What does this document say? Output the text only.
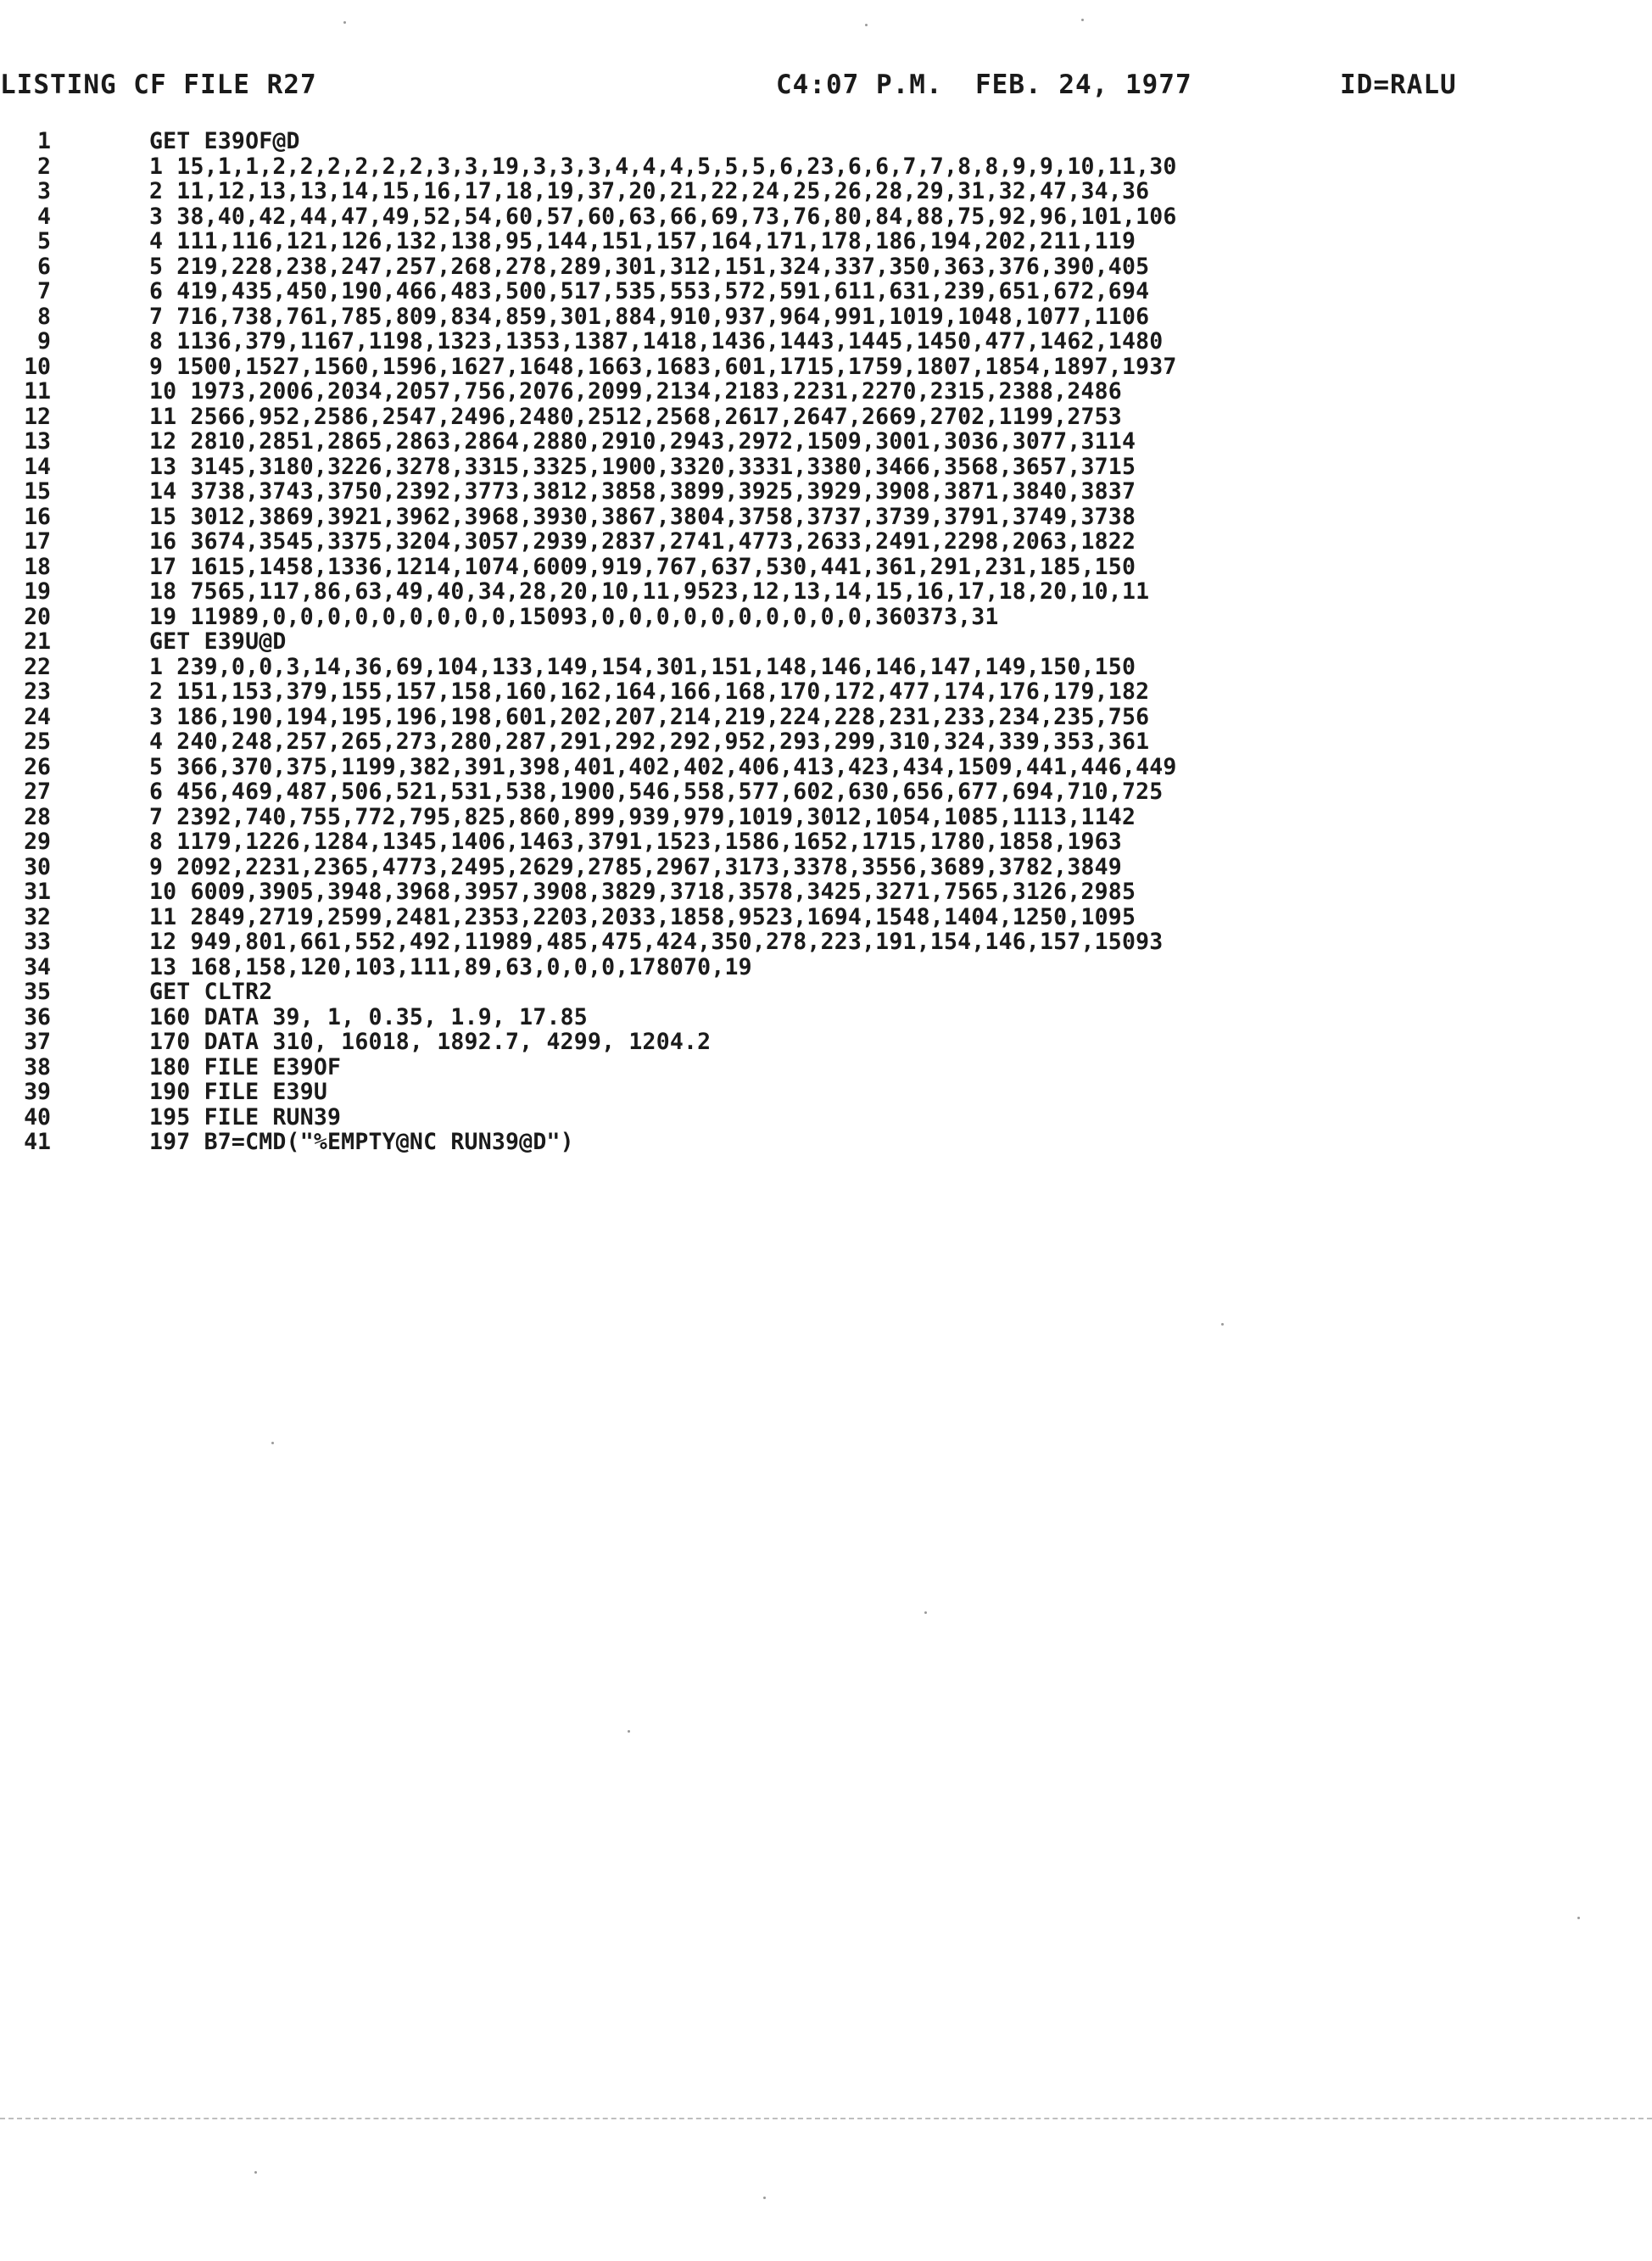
LISTING CF FILE R27	C4:07 P.M. FEB. 24, 1977	ID=RALU
1	GET E39OF@D
2	1 15,1,1,2,2,2,2,2,2,3,3,19,3,3,3,4,4,4,5,5,5,6,23,6,6,7,7,8,8,9,9,10,11,30
3	2 11,12,13,13,14,15,16,17,18,19,37,20,21,22,24,25,26,28,29,31,32,47,34,36
4	3 38,40,42,44,47,49,52,54,60,57,60,63,66,69,73,76,80,84,88,75,92,96,101,106
5	4 111,116,121,126,132,138,95,144,151,157,164,171,178,186,194,202,211,119
6	5 219,228,238,247,257,268,278,289,301,312,151,324,337,350,363,376,390,405
7	6 419,435,450,190,466,483,500,517,535,553,572,591,611,631,239,651,672,694
8	7 716,738,761,785,809,834,859,301,884,910,937,964,991,1019,1048,1077,1106
9	8 1136,379,1167,1198,1323,1353,1387,1418,1436,1443,1445,1450,477,1462,1480
10	9 1500,1527,1560,1596,1627,1648,1663,1683,601,1715,1759,1807,1854,1897,1937
11	10 1973,2006,2034,2057,756,2076,2099,2134,2183,2231,2270,2315,2388,2486
12	11 2566,952,2586,2547,2496,2480,2512,2568,2617,2647,2669,2702,1199,2753
13	12 2810,2851,2865,2863,2864,2880,2910,2943,2972,1509,3001,3036,3077,3114
14	13 3145,3180,3226,3278,3315,3325,1900,3320,3331,3380,3466,3568,3657,3715
15	14 3738,3743,3750,2392,3773,3812,3858,3899,3925,3929,3908,3871,3840,3837
16	15 3012,3869,3921,3962,3968,3930,3867,3804,3758,3737,3739,3791,3749,3738
17	16 3674,3545,3375,3204,3057,2939,2837,2741,4773,2633,2491,2298,2063,1822
18	17 1615,1458,1336,1214,1074,6009,919,767,637,530,441,361,291,231,185,150
19	18 7565,117,86,63,49,40,34,28,20,10,11,9523,12,13,14,15,16,17,18,20,10,11
20	19 11989,0,0,0,0,0,0,0,0,0,15093,0,0,0,0,0,0,0,0,0,0,360373,31
21	GET E39U@D
22	1 239,0,0,3,14,36,69,104,133,149,154,301,151,148,146,146,147,149,150,150
23	2 151,153,379,155,157,158,160,162,164,166,168,170,172,477,174,176,179,182
24	3 186,190,194,195,196,198,601,202,207,214,219,224,228,231,233,234,235,756
25	4 240,248,257,265,273,280,287,291,292,292,952,293,299,310,324,339,353,361
26	5 366,370,375,1199,382,391,398,401,402,402,406,413,423,434,1509,441,446,449
27	6 456,469,487,506,521,531,538,1900,546,558,577,602,630,656,677,694,710,725
28	7 2392,740,755,772,795,825,860,899,939,979,1019,3012,1054,1085,1113,1142
29	8 1179,1226,1284,1345,1406,1463,3791,1523,1586,1652,1715,1780,1858,1963
30	9 2092,2231,2365,4773,2495,2629,2785,2967,3173,3378,3556,3689,3782,3849
31	10 6009,3905,3948,3968,3957,3908,3829,3718,3578,3425,3271,7565,3126,2985
32	11 2849,2719,2599,2481,2353,2203,2033,1858,9523,1694,1548,1404,1250,1095
33	12 949,801,661,552,492,11989,485,475,424,350,278,223,191,154,146,157,15093
34	13 168,158,120,103,111,89,63,0,0,0,178070,19
35	GET CLTR2
36	160 DATA 39, 1, 0.35, 1.9, 17.85
37	170 DATA 310, 16018, 1892.7, 4299, 1204.2
38	180 FILE E39OF
39	190 FILE E39U
40	195 FILE RUN39
41	197 B7=CMD("%EMPTY@NC RUN39@D")
